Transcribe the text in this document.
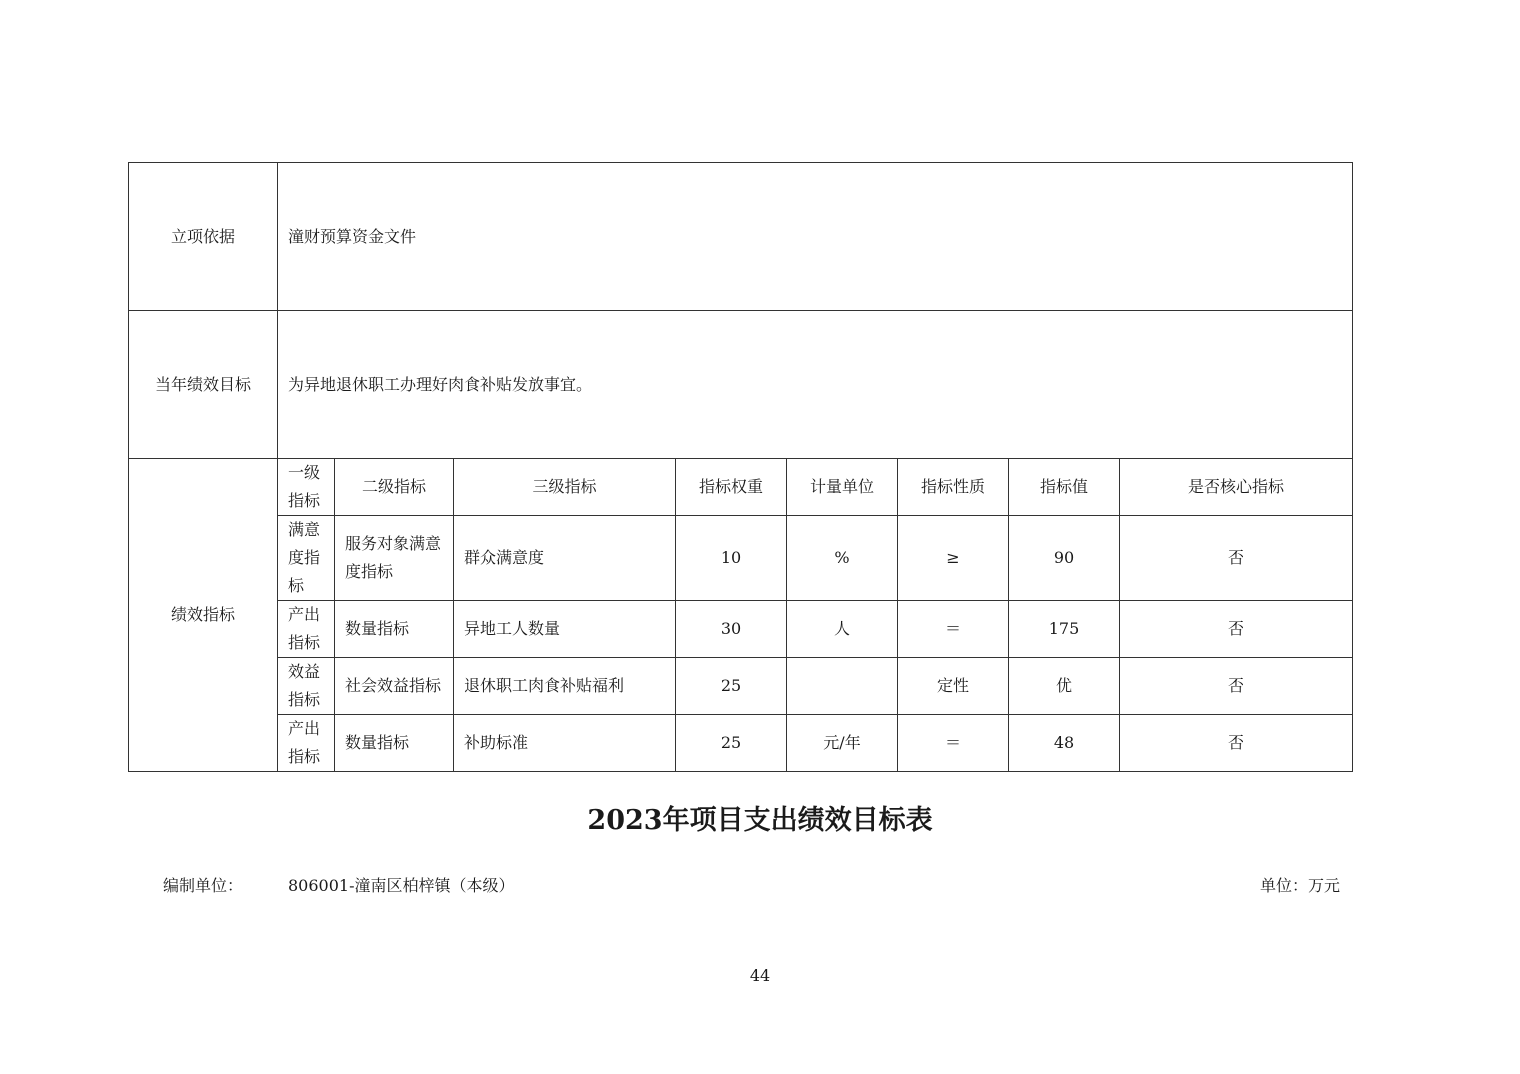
立项依据	潼财预算资金文件							
当年绩效目标	为异地退休职工办理好肉食补贴发放事宜。							
绩效指标	一级指标	二级指标	三级指标	指标权重	计量单位	指标性质	指标值	是否核心指标
	满意度指标	服务对象满意度指标	群众满意度	10	%	≥	90	否
	产出指标	数量指标	异地工人数量	30	人	＝	175	否
	效益指标	社会效益指标	退休职工肉食补贴福利	25		定性	优	否
	产出指标	数量指标	补助标准	25	元/年	＝	48	否
2023年项目支出绩效目标表
编制单位：	806001-潼南区柏梓镇（本级）	单位：万元
44
